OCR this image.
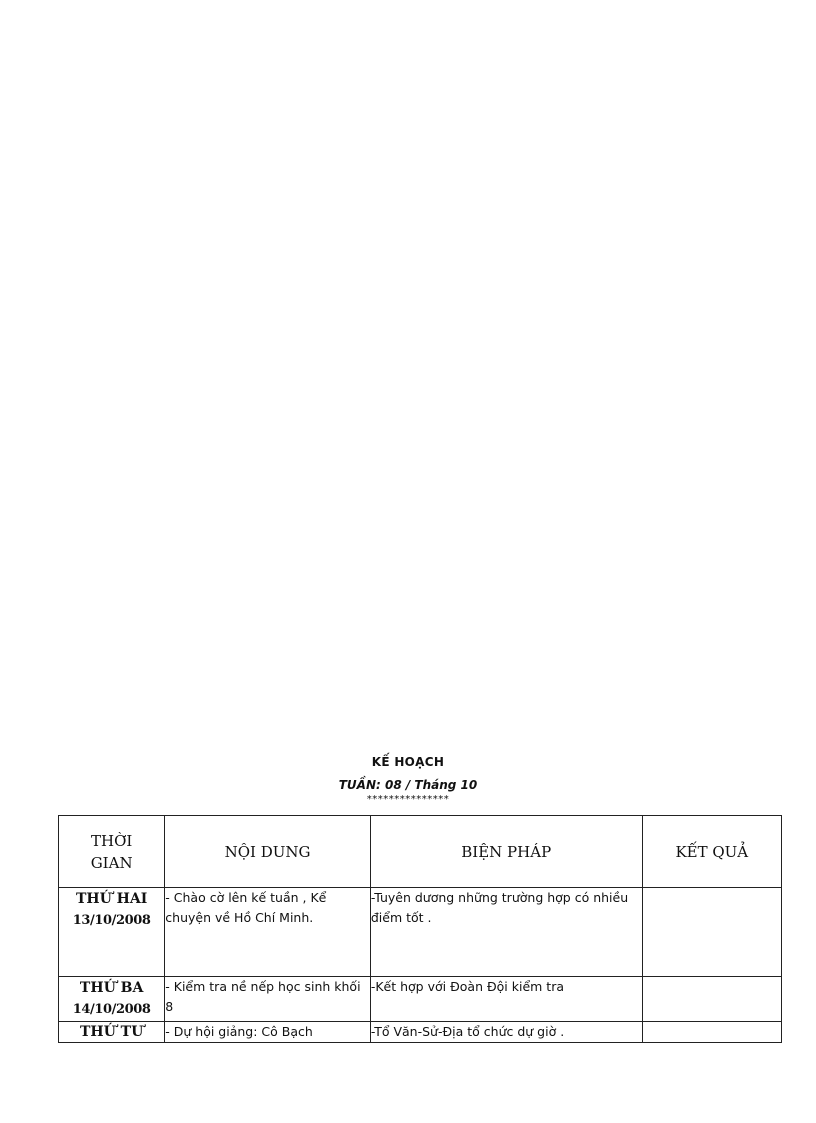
KẾ HOẠCH
TUẦN: 08 / Tháng 10
***************
THỜI GIAN	NỘI DUNG	BIỆN PHÁP	KẾT QUẢ

THỨ HAI
13/10/2008	- Chào cờ lên kế tuần , Kể chuyện về Hồ Chí Minh.	-Tuyên dương những trường hợp có nhiều điểm tốt .	

THỨ BA
14/10/2008	- Kiểm tra nề nếp học sinh khối 8	-Kết hợp với Đoàn Đội kiểm tra	

THỨ TƯ	- Dự hội giảng: Cô Bạch	-Tổ Văn-Sử-Địa tổ chức dự giờ .	
